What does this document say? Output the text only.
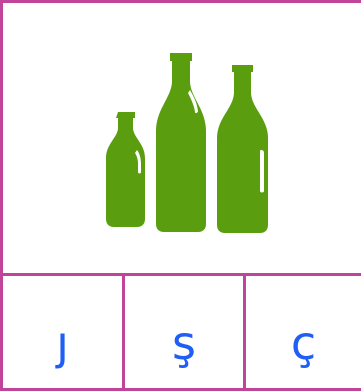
ȷ ş ç
